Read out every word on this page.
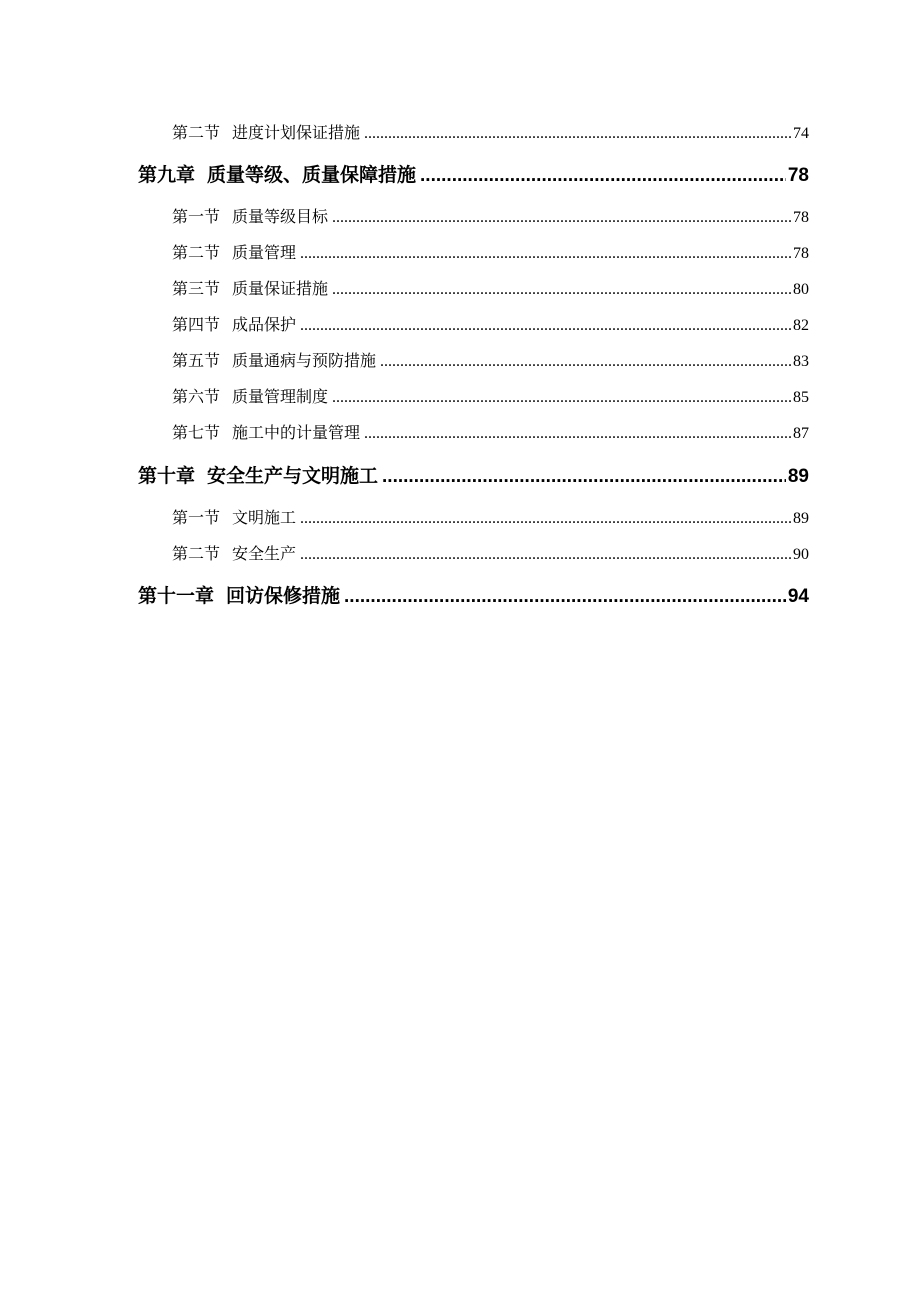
第二节 进度计划保证措施 .....	74
第九章 质量等级、质量保障措施 .....	78
第一节 质量等级目标 .....	78
第二节 质量管理 .....	78
第三节 质量保证措施 .....	80
第四节 成品保护 .....	82
第五节 质量通病与预防措施 .....	83
第六节 质量管理制度 .....	85
第七节 施工中的计量管理 .....	87
第十章 安全生产与文明施工 .....	89
第一节 文明施工 .....	89
第二节 安全生产 .....	90
第十一章 回访保修措施 .....	94
